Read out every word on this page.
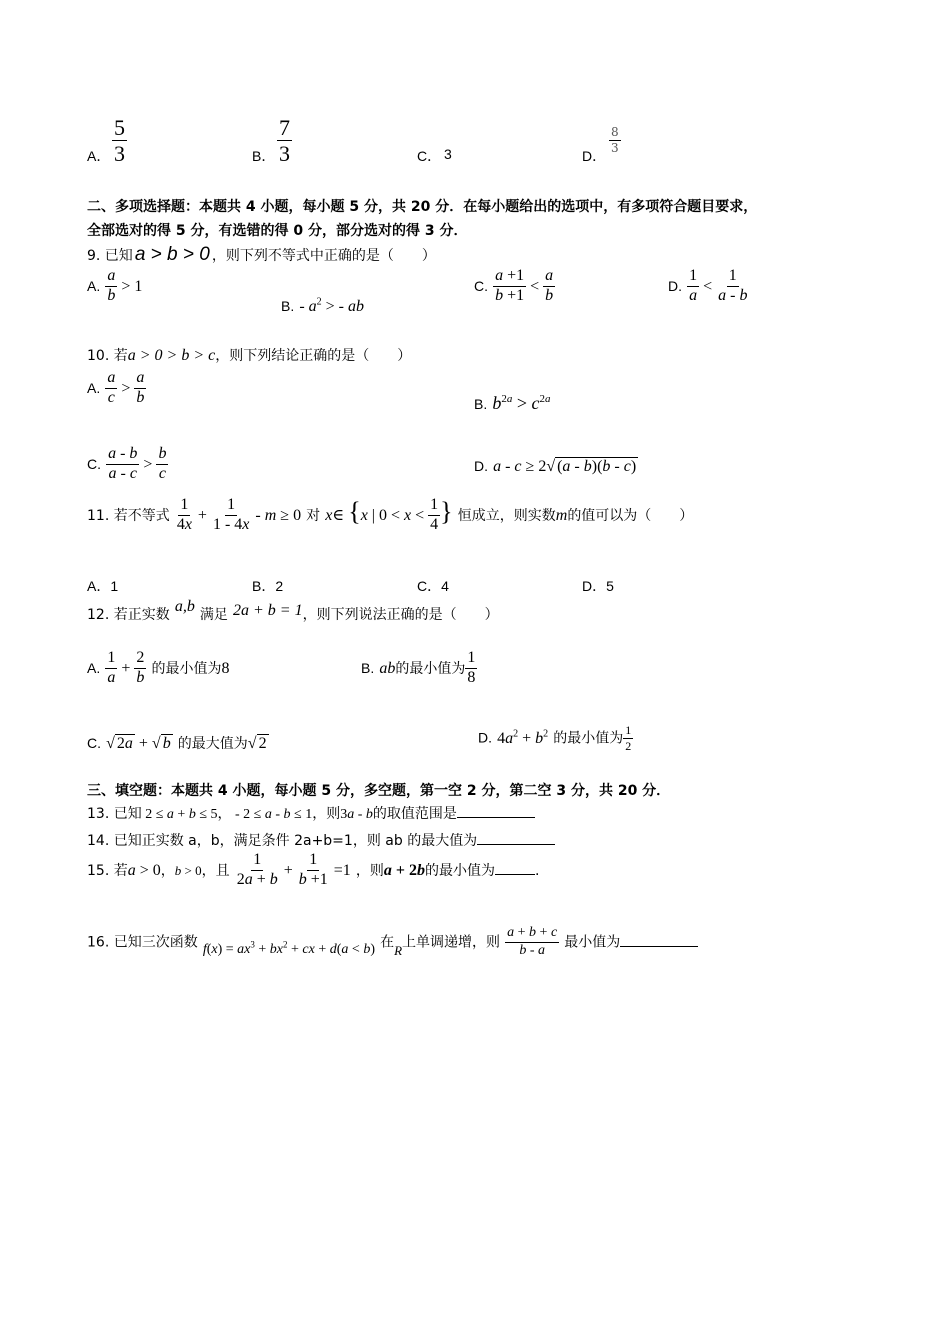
A． $\frac{5}{3}$	B． $\frac{7}{3}$	C． 3	D．
$\frac{8}{3}$
二、多项选择题：本题共 4 小题，每小题 5 分，共 20 分．在每小题给出的选项中，有多项符合题目要求，
全部选对的得 5 分，有选错的得 0 分，部分选对的得 3 分．
9. 已知 a > b > 0 ，则下列不等式中正确的是（　　）
A. $\frac{a}{b} > 1$
B. - $a^2$ > - ab
C. $\frac{a +1}{b +1} < \frac{a}{b}$	D. $\frac{1}{a} < \frac{1}{a - b}$
10. 若a > 0 > b > c，则下列结论正确的是（　　）
A. $\frac{a}{c} > \frac{a}{b}$	B. $b^{2a} > c^{2a}$
C. $\frac{a - b}{a - c} > \frac{b}{c}$	D. a - c ≥ 2√ (a - b)(b - c)
11. 若不等式 $\frac{1}{4x} + \frac{1}{1 - 4x} - m \ge 0$ 对 x∈ {x | $0 < x < \frac{1}{4}$ } 恒成立，则实数m的值可以为（　　）
A．1	B．2	C．4	D．5
12. 若正实数 a,b 满足 2a + b = 1，则下列说法正确的是（　　）
A. $\frac{1}{a} + \frac{2}{b}$ 的最小值为8	B. ab的最小值为 $\frac{1}{8}$
C. √ 2a + √ b 的最大值为√ 2	D. $4a^2 + b^2$ 的最小值为 $\frac{1}{2}$
三、填空题：本题共 4 小题，每小题 5 分，多空题，第一空 2 分，第二空 3 分，共 20 分．
13. 已知 2 ≤ a + b ≤ 5， - 2 ≤ a - b ≤ 1，则3a - b的取值范围是
14. 已知正实数 a，b，满足条件 2a+b=1，则 ab 的最大值为
15. 若a > 0，b > 0，且 $\frac{1}{2a + b} + \frac{1}{b +1} =1$ ，则a + 2b的最小值为	.
16. 已知三次函数 $f(x) = ax^3 + bx^2$ + cx + d(a < b) 在$_R$上单调递增，则 $\frac{a + b + c}{b - a}$ 最小值为
